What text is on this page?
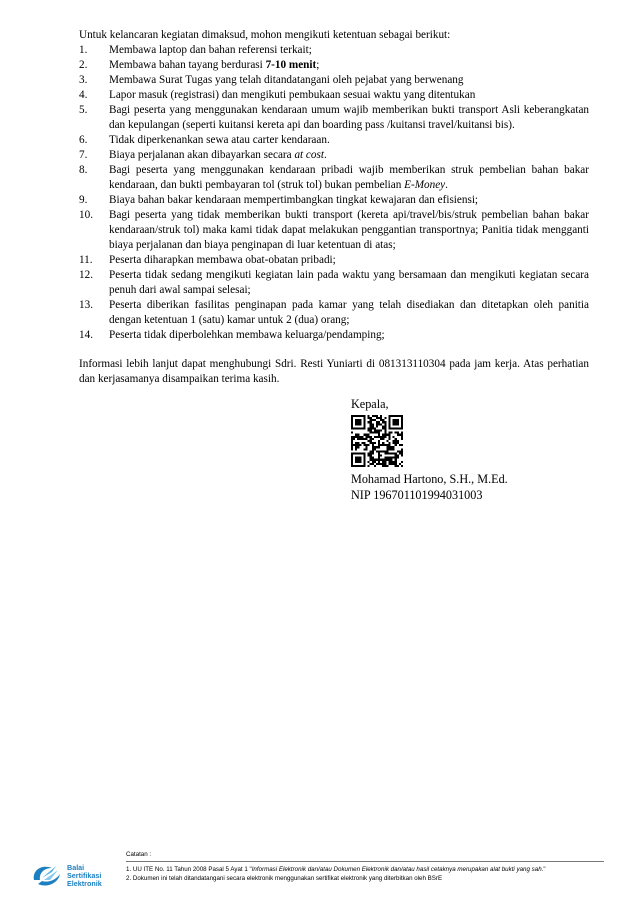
Untuk kelancaran kegiatan dimaksud, mohon mengikuti ketentuan sebagai berikut:

1.	Membawa laptop dan bahan referensi terkait;
2.	Membawa bahan tayang berdurasi 7-10 menit;
3.	Membawa Surat Tugas yang telah ditandatangani oleh pejabat yang berwenang
4.	Lapor masuk (registrasi) dan mengikuti pembukaan sesuai waktu yang ditentukan
5.	Bagi peserta yang menggunakan kendaraan umum wajib memberikan bukti transport Asli keberangkatan dan kepulangan (seperti kuitansi kereta api dan boarding pass /kuitansi travel/kuitansi bis).
6.	Tidak diperkenankan sewa atau carter kendaraan.
7.	Biaya perjalanan akan dibayarkan secara at cost.
8.	Bagi peserta yang menggunakan kendaraan pribadi wajib memberikan struk pembelian bahan bakar kendaraan, dan bukti pembayaran tol (struk tol) bukan pembelian E-Money.
9.	Biaya bahan bakar kendaraan mempertimbangkan tingkat kewajaran dan efisiensi;
10.	Bagi peserta yang tidak memberikan bukti transport (kereta api/travel/bis/struk pembelian bahan bakar kendaraan/struk tol) maka kami tidak dapat melakukan penggantian transportnya; Panitia tidak mengganti biaya perjalanan dan biaya penginapan di luar ketentuan di atas;
11.	Peserta diharapkan membawa obat-obatan pribadi;
12.	Peserta tidak sedang mengikuti kegiatan lain pada waktu yang bersamaan dan mengikuti kegiatan secara penuh dari awal sampai selesai;
13.	Peserta diberikan fasilitas penginapan pada kamar yang telah disediakan dan ditetapkan oleh panitia dengan ketentuan 1 (satu) kamar untuk 2 (dua) orang;
14.	Peserta tidak diperbolehkan membawa keluarga/pendamping;

Informasi lebih lanjut dapat menghubungi Sdri. Resti Yuniarti di 081313110304 pada jam kerja. Atas perhatian dan kerjasamanya disampaikan terima kasih.

Kepala,
Mohamad Hartono, S.H., M.Ed.
NIP 196701101994031003
Balai
Sertifikasi
Elektronik
Catatan :
1. UU ITE No. 11 Tahun 2008 Pasal 5 Ayat 1 "Informasi Elektronik dan/atau Dokumen Elektronik dan/atau hasil cetaknya merupakan alat bukti yang sah."
2. Dokumen ini telah ditandatangani secara elektronik menggunakan sertifikat elektronik yang diterbitkan oleh BSrE
